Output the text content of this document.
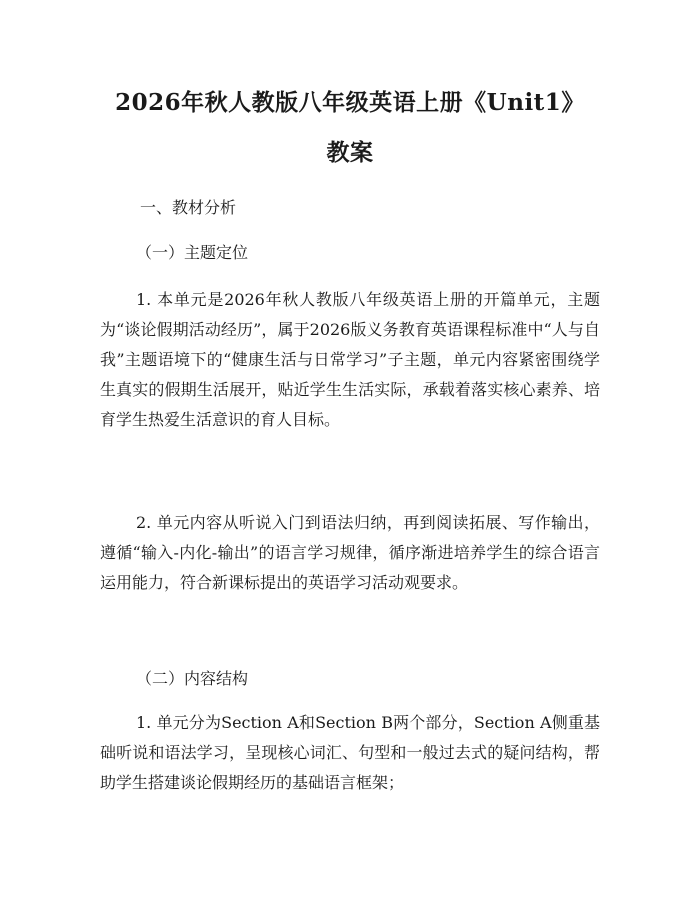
2026年秋人教版八年级英语上册《Unit1》
教案
一、教材分析
（一）主题定位

1. 本单元是2026年秋人教版八年级英语上册的开篇单元，主题为“谈论假期活动经历”，属于2026版义务教育英语课程标准中“人与自我”主题语境下的“健康生活与日常学习”子主题，单元内容紧密围绕学生真实的假期生活展开，贴近学生生活实际，承载着落实核心素养、培育学生热爱生活意识的育人目标。

2. 单元内容从听说入门到语法归纳，再到阅读拓展、写作输出，遵循“输入-内化-输出”的语言学习规律，循序渐进培养学生的综合语言运用能力，符合新课标提出的英语学习活动观要求。

（二）内容结构

1. 单元分为Section A和Section B两个部分，Section A侧重基础听说和语法学习，呈现核心词汇、句型和一般过去式的疑问结构，帮助学生搭建谈论假期经历的基础语言框架；
